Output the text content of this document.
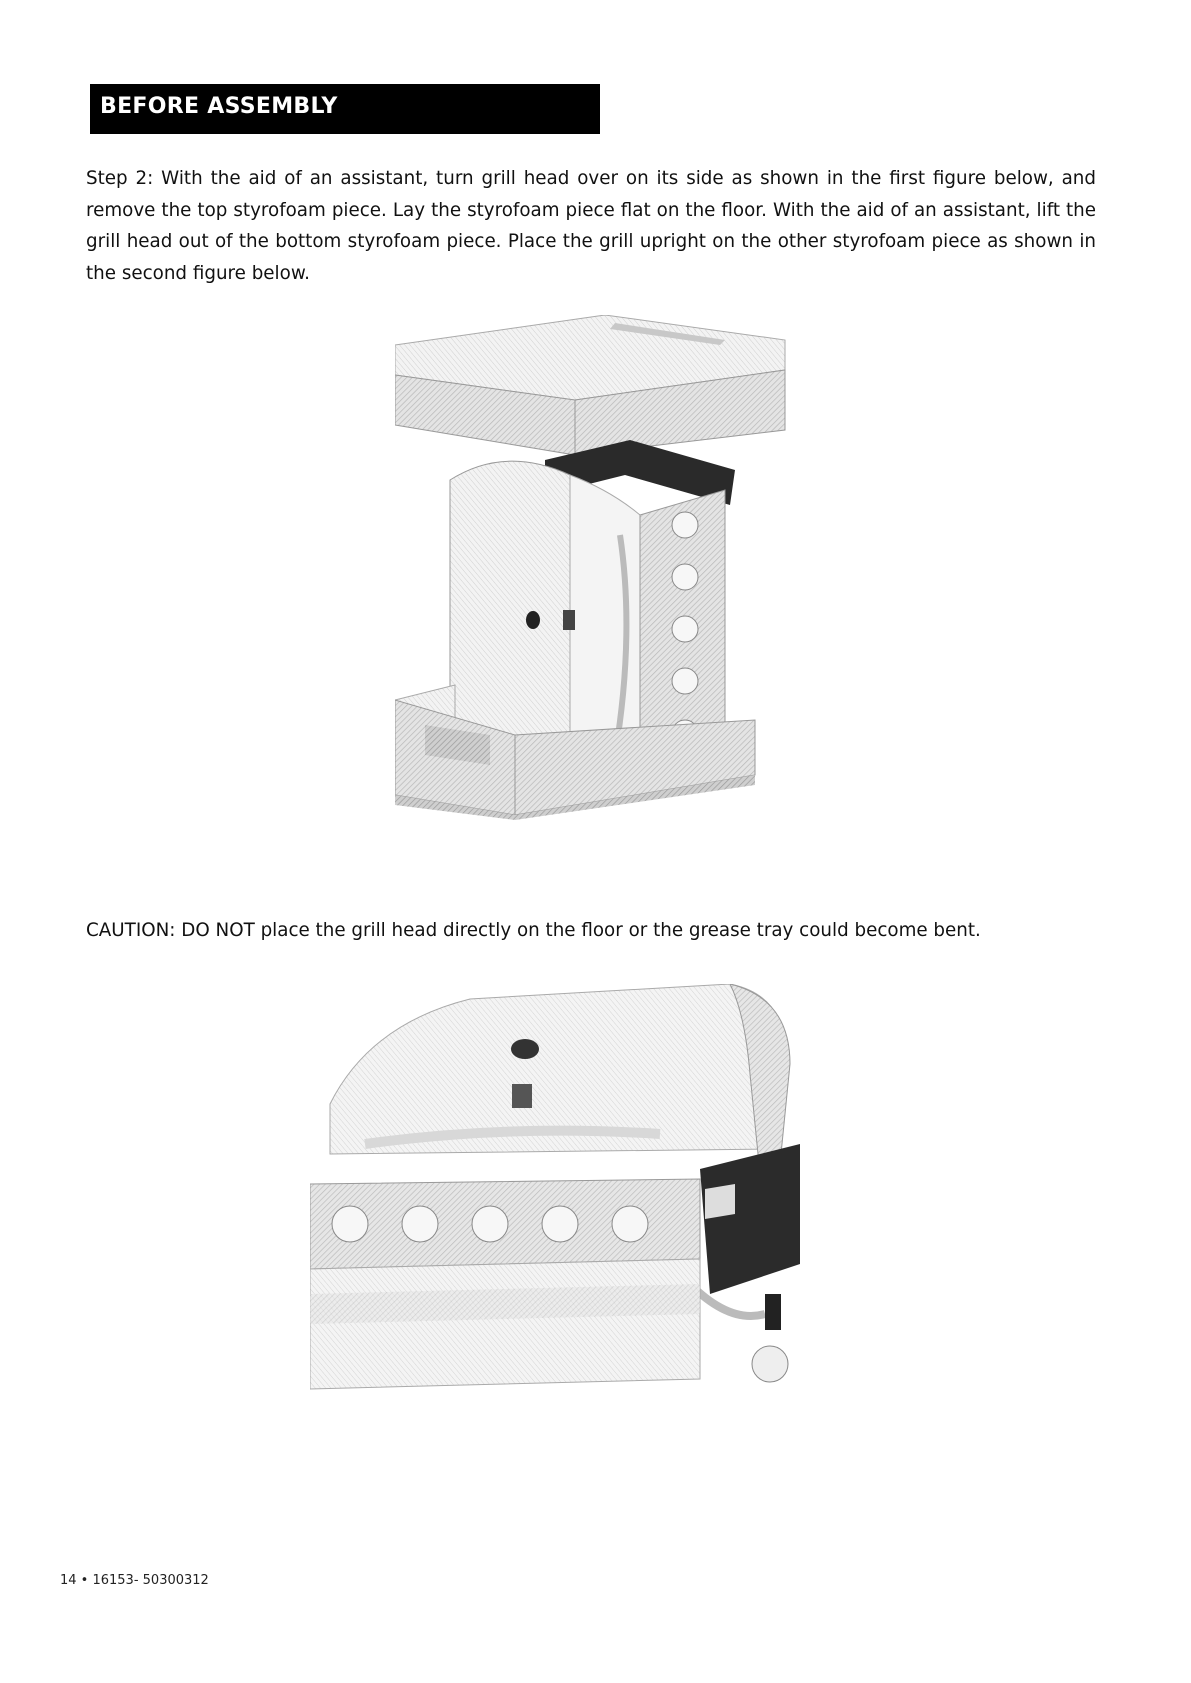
BEFORE ASSEMBLY

Step 2: With the aid of an assistant, turn grill head over on its side as shown in the first figure below, and remove the top styrofoam piece. Lay the styrofoam piece flat on the floor. With the aid of an assistant, lift the grill head out of the bottom styrofoam piece. Place the grill upright on the other styrofoam piece as shown in the second figure below.

CAUTION: DO NOT place the grill head directly on the floor or the grease tray could become bent.

14 • 16153- 50300312
